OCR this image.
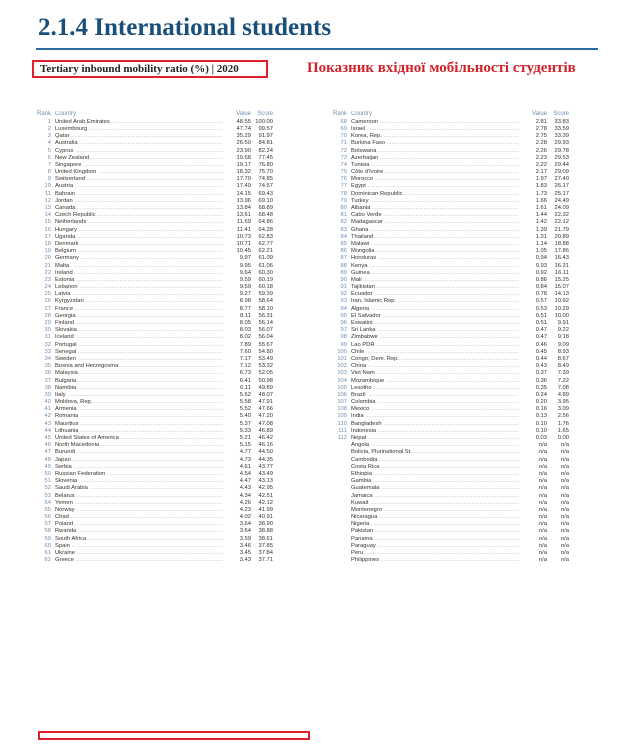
2.1.4 International students
Tertiary inbound mobility ratio (%) | 2020	Показник вхідної мобільності студентів

Rank Country	Value	Score
1 United Arab Emirates .....	48.55 100.00
2 Luxembourg .....	47.74	99.57
3 Qatar .....	35.29	91.97
4 Australia .....	26.50	84.81
5 Cyprus .....	23.90	82.24
6 New Zealand .....	19.68	77.45
7 Singapore .....	19.17	76.80
8 United Kingdom .....	18.32	75.70
9 Switzerland .....	17.70	74.85
10 Austria .....	17.49	74.57
11 Bahrain .....	14.15	69.43
12 Jordan .....	13.96	69.10
13 Canada .....	13.84	68.89
14 Czech Republic .....	13.61	68.48
15 Netherlands .....	11.69	64.86
16 Hungary .....	11.41	64.28
17 Uganda .....	10.73	62.83
18 Denmark .....	10.71	62.77
19 Belgium .....	10.45	62.21
20 Germany .....	9.97	61.09
21 Malta .....	9.95	61.06
22 Ireland .....	9.64	60.30
23 Estonia .....	9.59	60.19
24 Lebanon .....	9.59	60.18
25 Latvia .....	9.27	59.39
26 Kyrgyzstan .....	8.98	58.64
27 France .....	8.77	58.10
28 Georgia .....	8.11	56.31
29 Finland .....	8.05	56.14
30 Slovakia .....	8.03	56.07
31 Iceland .....	8.02	56.04
32 Portugal .....	7.89	55.67
33 Senegal .....	7.60	54.80
34 Sweden .....	7.17	53.49
35 Bosnia and Herzegovina .....	7.12	53.32
36 Malaysia .....	6.73	52.05
37 Bulgaria .....	6.41	50.98
38 Namibia .....	6.11	49.89
39 Italy .....	5.62	48.07
40 Moldova, Rep. .....	5.58	47.91
41 Armenia .....	5.52	47.66
42 Romania .....	5.40	47.20
43 Mauritius .....	5.37	47.08
44 Lithuania .....	5.33	46.89
45 United States of America .....	5.21	46.42
46 North Macedonia .....	5.15	46.16
47 Burundi .....	4.77	44.50
48 Japan .....	4.73	44.35
49 Serbia .....	4.61	43.77
50 Russian Federation .....	4.54	43.49
51 Slovenia .....	4.47	43.13
52 Saudi Arabia .....	4.43	42.95
53 Belarus .....	4.34	42.51
54 Yemen .....	4.26	42.12
55 Norway .....	4.23	41.99
56 Chad .....	4.02	40.91
57 Poland .....	3.64	38.90
58 Rwanda .....	3.64	38.88
59 South Africa .....	3.59	38.61
60 Spain .....	3.46	37.85
61 Ukraine .....	3.45	37.84
62 Greece .....	3.43	37.71
Rank Country	Value	Score
68 Cameroon .....	2.81	33.83
69 Israel .....	2.78	33.59
70 Korea, Rep. .....	2.75	33.39
71 Burkina Faso .....	2.28	29.93
72 Botswana .....	2.26	29.78
73 Azerbaijan .....	2.23	29.53
74 Tunisia .....	2.22	29.44
75 Côte d'Ivoire .....	2.17	29.09
76 Morocco .....	1.97	27.40
77 Egypt .....	1.83	26.17
78 Dominican Republic .....	1.73	25.17
79 Turkey .....	1.66	24.49
80 Albania .....	1.61	24.09
81 Cabo Verde .....	1.44	22.32
82 Madagascar .....	1.42	22.12
83 Ghana .....	1.39	21.79
84 Thailand .....	1.31	20.89
85 Malawi .....	1.14	18.88
86 Mongolia .....	1.05	17.86
87 Honduras .....	0.94	16.43
88 Kenya .....	0.93	16.31
89 Guinea .....	0.92	16.11
90 Mali .....	0.86	15.25
91 Tajikistan .....	0.84	15.07
92 Ecuador .....	0.78	14.13
93 Iran, Islamic Rep. .....	0.57	10.92
94 Algeria .....	0.53	10.29
95 El Salvador .....	0.51	10.00
96 Eswatini .....	0.51	9.91
97 Sri Lanka .....	0.47	9.22
98 Zimbabwe .....	0.47	9.18
99 Lao PDR .....	0.46	9.09
100 Chile .....	0.45	8.93
101 Congo, Dem. Rep. .....	0.44	8.67
102 China .....	0.43	8.49
103 Viet Nam .....	0.37	7.39
104 Mozambique .....	0.36	7.22
105 Lesotho .....	0.35	7.08
106 Brazil .....	0.24	4.89
107 Colombia .....	0.20	3.95
108 Mexico .....	0.16	3.09
109 India .....	0.13	2.56
110 Bangladesh .....	0.10	1.76
111 Indonesia .....	0.10	1.65
112 Nepal .....	0.03	0.00
Angola .....	n/a	n/a
Bolivia, Plurinational St. .....	n/a	n/a
Cambodia .....	n/a	n/a
Costa Rica .....	n/a	n/a
Ethiopia .....	n/a	n/a
Gambia .....	n/a	n/a
Guatemala .....	n/a	n/a
Jamaica .....	n/a	n/a
Kuwait .....	n/a	n/a
Montenegro .....	n/a	n/a
Nicaragua .....	n/a	n/a
Nigeria .....	n/a	n/a
Pakistan .....	n/a	n/a
Panama .....	n/a	n/a
Paraguay .....	n/a	n/a
Peru .....	n/a	n/a
Philippines .....	n/a	n/a
